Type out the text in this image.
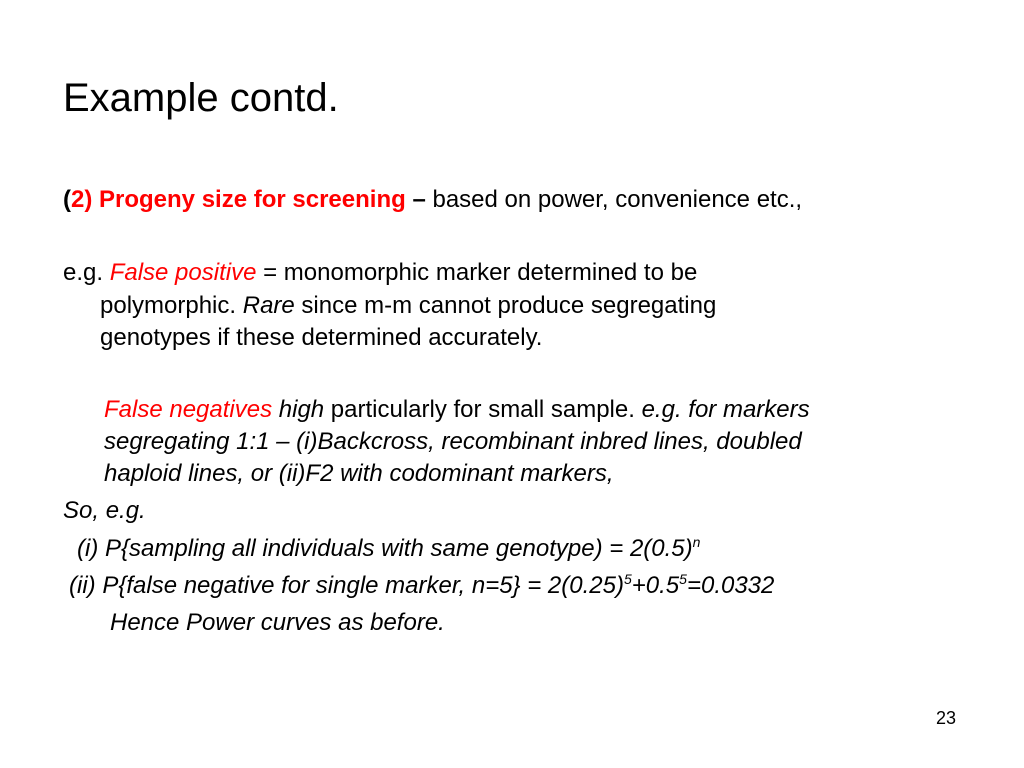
Example contd.
(2) Progeny size for screening – based on power, convenience etc.,
e.g. False positive = monomorphic marker determined to be
polymorphic. Rare since m-m cannot produce segregating
genotypes if these determined accurately.
False negatives high particularly for small sample. e.g. for markers
segregating 1:1 – (i)Backcross, recombinant inbred lines, doubled
haploid lines, or (ii)F2 with codominant markers,
So, e.g.
(i) P{sampling all individuals with same genotype) = $2(0.5)^n$
(ii) P{false negative for single marker, $n=5\} = 2(0.25)^5+0.5^5=0.0332$
Hence Power curves as before.
23
